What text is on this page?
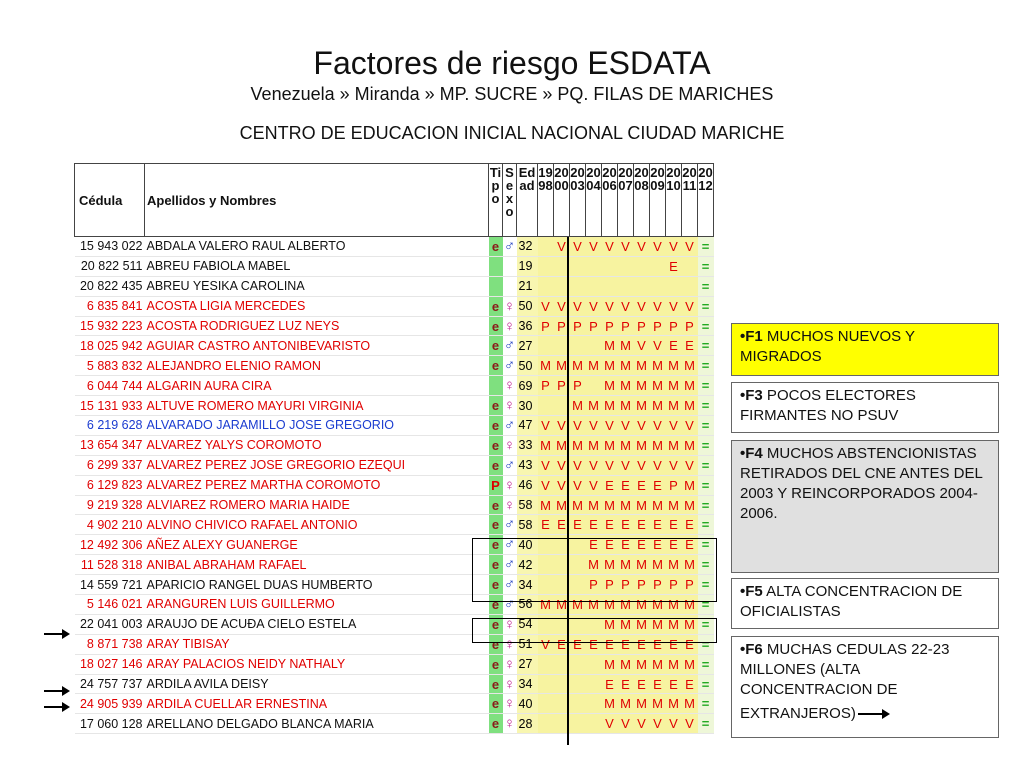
Factores de riesgo ESDATA
Venezuela » Miranda » MP. SUCRE » PQ. FILAS DE MARICHES
CENTRO DE EDUCACION INICIAL NACIONAL CIUDAD MARICHE
Cédula	Apellidos y Nombres	Tipo	Sexo	Edad	1998	2000	2003	2004	2006	2007	2008	2009	2010	2011	2012
15 943 022	ABDALA VALERO RAUL ALBERTO	e	♂	32		V	V	V	V	V	V	V	V	V	=
20 822 511	ABREU FABIOLA MABEL			19									E		=
20 822 435	ABREU YESIKA CAROLINA			21											=
6 835 841	ACOSTA LIGIA MERCEDES	e	♀	50	V	V	V	V	V	V	V	V	V	V	=
15 932 223	ACOSTA RODRIGUEZ LUZ NEYS	e	♀	36	P	P	P	P	P	P	P	P	P	P	=
18 025 942	AGUIAR CASTRO ANTONIBEVARISTO	e	♂	27					M	M	V	V	E	E	=
5 883 832	ALEJANDRO ELENIO RAMON	e	♂	50	M	M	M	M	M	M	M	M	M	M	=
6 044 744	ALGARIN AURA CIRA		♀	69	P	P	P		M	M	M	M	M	M	=
15 131 933	ALTUVE ROMERO MAYURI VIRGINIA	e	♀	30			M	M	M	M	M	M	M	M	=
6 219 628	ALVARADO JARAMILLO JOSE GREGORIO	e	♂	47	V	V	V	V	V	V	V	V	V	V	=
13 654 347	ALVAREZ YALYS COROMOTO	e	♀	33	M	M	M	M	M	M	M	M	M	M	=
6 299 337	ALVAREZ PEREZ JOSE GREGORIO EZEQUI	e	♂	43	V	V	V	V	V	V	V	V	V	V	=
6 129 823	ALVAREZ PEREZ MARTHA COROMOTO	P	♀	46	V	V	V	V	E	E	E	E	P	M	=
9 219 328	ALVIAREZ ROMERO MARIA HAIDE	e	♀	58	M	M	M	M	M	M	M	M	M	M	=
4 902 210	ALVINO CHIVICO RAFAEL ANTONIO	e	♂	58	E	E	E	E	E	E	E	E	E	E	=
12 492 306	AÑEZ ALEXY GUANERGE	e	♂	40				E	E	E	E	E	E	E	=
11 528 318	ANIBAL ABRAHAM RAFAEL	e	♂	42				M	M	M	M	M	M	M	=
14 559 721	APARICIO RANGEL DUAS HUMBERTO	e	♂	34				P	P	P	P	P	P	P	=
5 146 021	ARANGUREN LUIS GUILLERMO	e	♂	56	M	M	M	M	M	M	M	M	M	M	=
22 041 003	ARAUJO DE ACUÐA CIELO ESTELA	e	♀	54					M	M	M	M	M	M	=
8 871 738	ARAY TIBISAY	e	♀	51	V	E	E	E	E	E	E	E	E	E	=
18 027 146	ARAY PALACIOS NEIDY NATHALY	e	♀	27					M	M	M	M	M	M	=
24 757 737	ARDILA AVILA DEISY	e	♀	34					E	E	E	E	E	E	=
24 905 939	ARDILA CUELLAR ERNESTINA	e	♀	40					M	M	M	M	M	M	=
17 060 128	ARELLANO DELGADO BLANCA MARIA	e	♀	28					V	V	V	V	V	V	=
•F1 MUCHOS NUEVOS Y MIGRADOS
•F3 POCOS ELECTORES FIRMANTES NO PSUV
•F4 MUCHOS ABSTENCIONISTAS RETIRADOS DEL CNE ANTES DEL 2003 Y REINCORPORADOS 2004-2006.
•F5 ALTA CONCENTRACION DE OFICIALISTAS
•F6 MUCHAS CEDULAS 22-23 MILLONES (ALTA CONCENTRACION DE
EXTRANJEROS)
